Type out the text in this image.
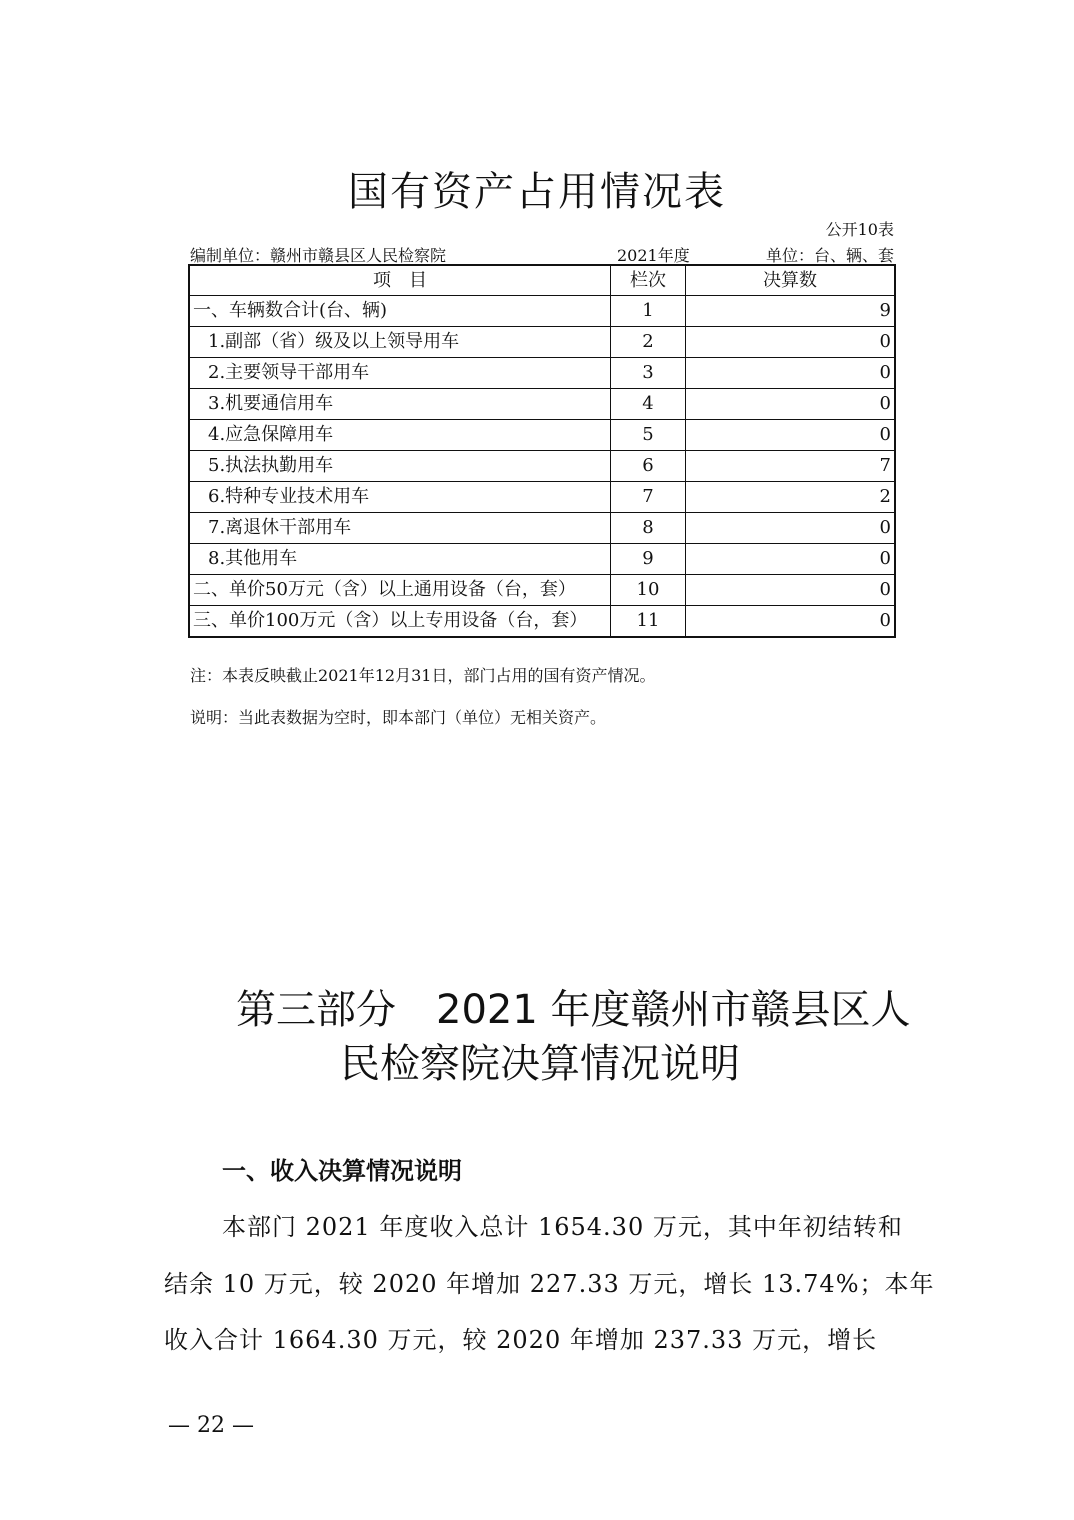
国有资产占用情况表
公开10表
编制单位：赣州市赣县区人民检察院	2021年度	单位：台、辆、套
项　目	栏次	决算数
一、车辆数合计(台、辆)	1	9
1.副部（省）级及以上领导用车	2	0
2.主要领导干部用车	3	0
3.机要通信用车	4	0
4.应急保障用车	5	0
5.执法执勤用车	6	7
6.特种专业技术用车	7	2
7.离退休干部用车	8	0
8.其他用车	9	0
二、单价50万元（含）以上通用设备（台，套）	10	0
三、单价100万元（含）以上专用设备（台，套）	11	0
注：本表反映截止2021年12月31日，部门占用的国有资产情况。
说明：当此表数据为空时，即本部门（单位）无相关资产。
第三部分　2021 年度赣州市赣县区人
民检察院决算情况说明
一、收入决算情况说明
本部门 2021 年度收入总计 1654.30 万元，其中年初结转和
结余 10 万元，较 2020 年增加 227.33 万元，增长 13.74%；本年
收入合计 1664.30 万元，较 2020 年增加 237.33 万元，增长
— 22 —
